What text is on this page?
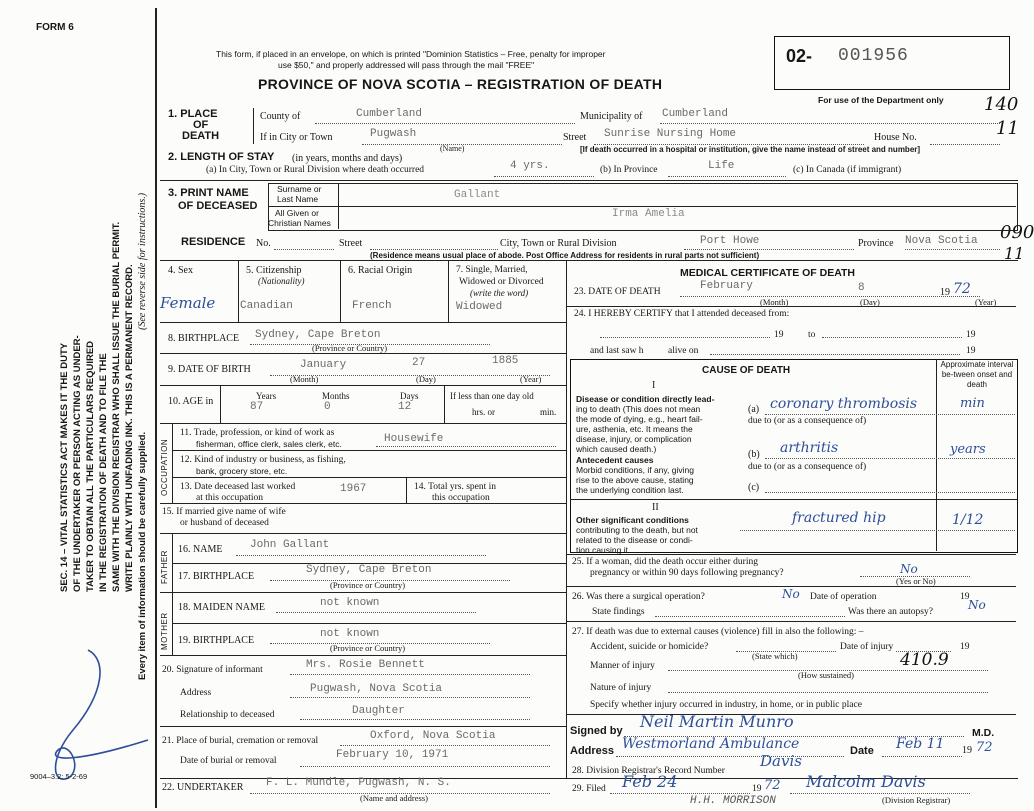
FORM 6
This form, if placed in an envelope, on which is printed "Dominion Statistics – Free, penalty for improper
use $50," and properly addressed will pass through the mail "FREE"
PROVINCE OF NOVA SCOTIA – REGISTRATION OF DEATH
02- 001956
For use of the Department only 140
11
090
11
SEC. 14 – VITAL STATISTICS ACT MAKES IT THE DUTY OF THE UNDERTAKER OR PERSON ACTING AS UNDER- TAKER TO OBTAIN ALL THE PARTICULARS REQUIRED IN THE REGISTRATION OF DEATH AND TO FILE THE SAME WITH THE DIVISION REGISTRAR WHO SHALL ISSUE THE BURIAL PERMIT. WRITE PLAINLY WITH UNFADING INK. THIS IS A PERMANENT RECORD.
(See reverse side for instructions.)
Every item of information should be carefully supplied.
9004–3.2: 5-2-69
1. PLACE
OF
DEATH
County of	Cumberland	Municipality of Cumberland
If in City or Town	Pugwash
(Name)
Street Sunrise Nursing Home	House No.
[If death occurred in a hospital or institution, give the name instead of street and number]
2. LENGTH OF STAY (in years, months and days)
(a) In City, Town or Rural Division where death occurred	4 yrs.	(b) In Province	Life	(c) In Canada (if immigrant)
3. PRINT NAME
OF DECEASED
Surname or
Last Name	Gallant
All Given or
Christian Names
Irma Amelia
RESIDENCE No.	Street	City, Town or Rural Division	Port Howe	Province Nova Scotia
(Residence means usual place of abode. Post Office Address for residents in rural parts not sufficient)
4. Sex
Female
5. Citizenship
(Nationality)
Canadian
6. Racial Origin
French
7. Single, Married,
Widowed or Divorced
(write the word)
Widowed
8. BIRTHPLACE Sydney, Cape Breton
(Province or Country)
9. DATE OF BIRTH	January	27	1885
(Month)	(Day)	(Year)
10. AGE in	Years
87
Months
0
Days
12
If less than one day old
hrs. or	min.
OCCUPATION
11. Trade, profession, or kind of work as
fisherman, office clerk, sales clerk, etc.	Housewife
12. Kind of industry or business, as fishing,
bank, grocery store, etc.
13. Date deceased last worked
at this occupation
1967	14. Total yrs. spent in
this occupation
15. If married give name of wife
or husband of deceased
FATHER
16. NAME	John Gallant
17. BIRTHPLACE
Sydney, Cape Breton
(Province or Country)
MOTHER
18. MAIDEN NAME	not known
19. BIRTHPLACE
not known
(Province or Country)
20. Signature of informant	Mrs. Rosie Bennett
Address	Pugwash, Nova Scotia
Relationship to deceased	Daughter
21. Place of burial, cremation or removal	Oxford, Nova Scotia
Date of burial or removal	February 10, 1971
22. UNDERTAKER F. L. Mundle, Pugwash, N. S.
(Name and address)
MEDICAL CERTIFICATE OF DEATH
23. DATE OF DEATH	February	8	19 72
(Month)	(Day)	(Year)
24. I HEREBY CERTIFY that I attended deceased from:
19	to	19
and last saw h	alive on	19
CAUSE OF DEATH
Approximate interval be-tween onset and death
I
Disease or condition directly lead-
ing to death (This does not mean
the mode of dying, e.g., heart fail-
ure, asthenia, etc. It means the
disease, injury, or complication
which caused death.)
(a) coronary thrombosis	min
due to (or as a consequence of)
(b) arthritis	years
Antecedent causes
Morbid conditions, if any, giving
rise to the above cause, stating
the underlying condition last.
due to (or as a consequence of)
(c)
II
Other significant conditions
contributing to the death, but not
related to the disease or condi-
tion causing it.
fractured hip	1/12
25. If a woman, did the death occur either during
pregnancy or within 90 days following pregnancy?	No
(Yes or No)
26. Was there a surgical operation?	No Date of operation	19
State findings	Was there an autopsy?	No
27. If death was due to external causes (violence) fill in also the following: –
Accident, suicide or homicide?
(State which)
Date of injury	19
Manner of injury	410.9
(How sustained)
Nature of injury
Specify whether injury occurred in industry, in home, or in public place
Signed by Neil Martin Munro
M.D.
Address Westmorland Ambulance	Date Feb 11 19 72
28. Division Registrar's Record Number
Davis
29. Filed Feb 24	19 72 Malcolm Davis
(Division Registrar)
H.H. MORRISON
